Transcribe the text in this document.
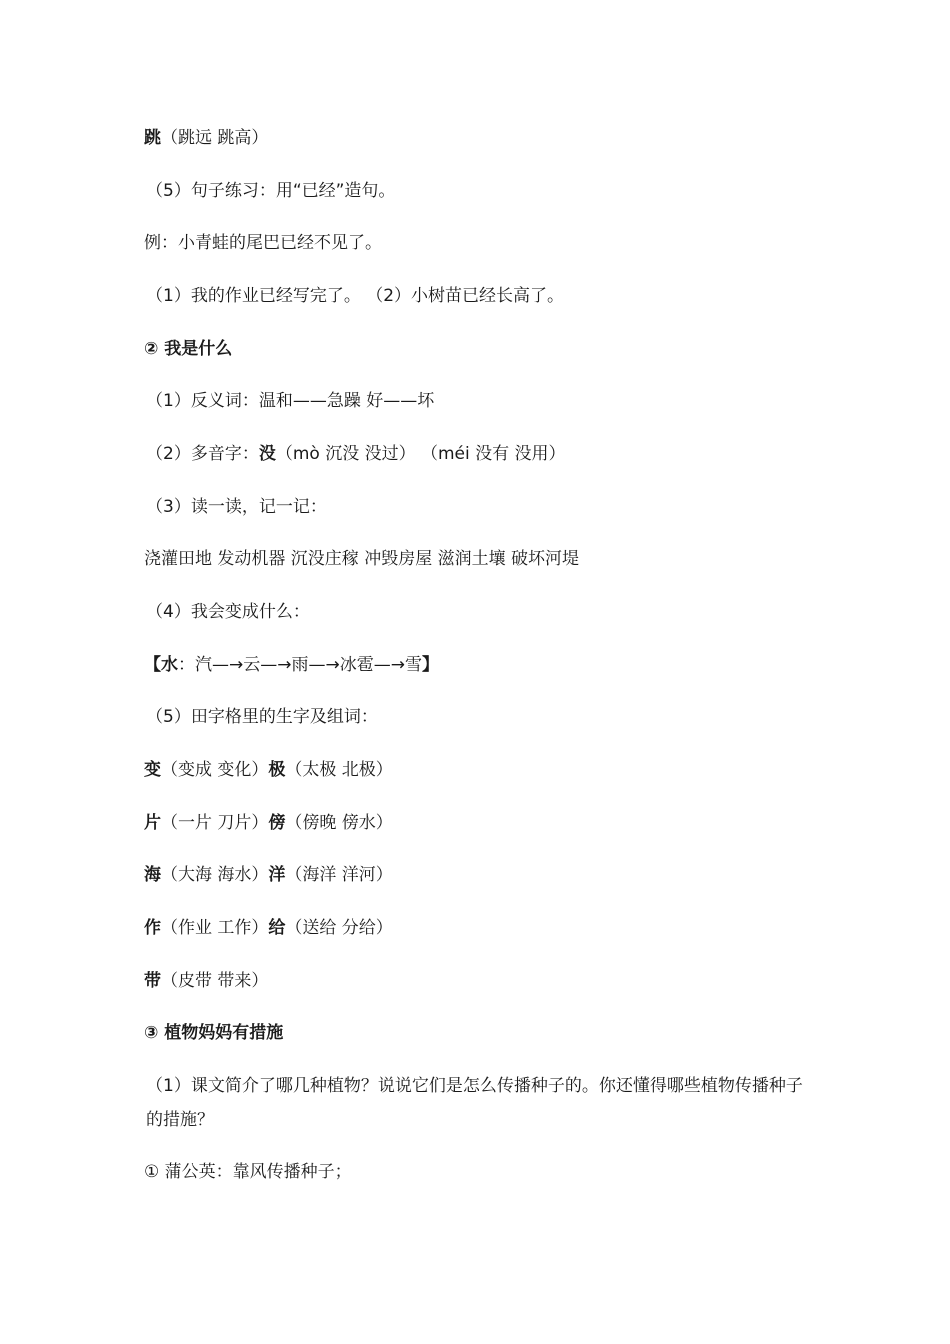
跳（跳远 跳高）
（5）句子练习：用“已经”造句。
例：小青蛙的尾巴已经不见了。
（1）我的作业已经写完了。 （2）小树苗已经长高了。
② 我是什么
（1）反义词：温和——急躁 好——坏
（2）多音字：没（mò 沉没 没过） （méi 没有 没用）
（3）读一读，记一记：
浇灌田地 发动机器 沉没庄稼 冲毁房屋 滋润土壤 破坏河堤
（4）我会变成什么：
【水：汽—→云—→雨—→冰雹—→雪】
（5）田字格里的生字及组词：
变（变成 变化）极（太极 北极）
片（一片 刀片）傍（傍晚 傍水）
海（大海 海水）洋（海洋 洋河）
作（作业 工作）给（送给 分给）
带（皮带 带来）
③ 植物妈妈有措施
（1）课文简介了哪几种植物？说说它们是怎么传播种子的。你还懂得哪些植物传播种子的措施？
① 蒲公英：靠风传播种子；
